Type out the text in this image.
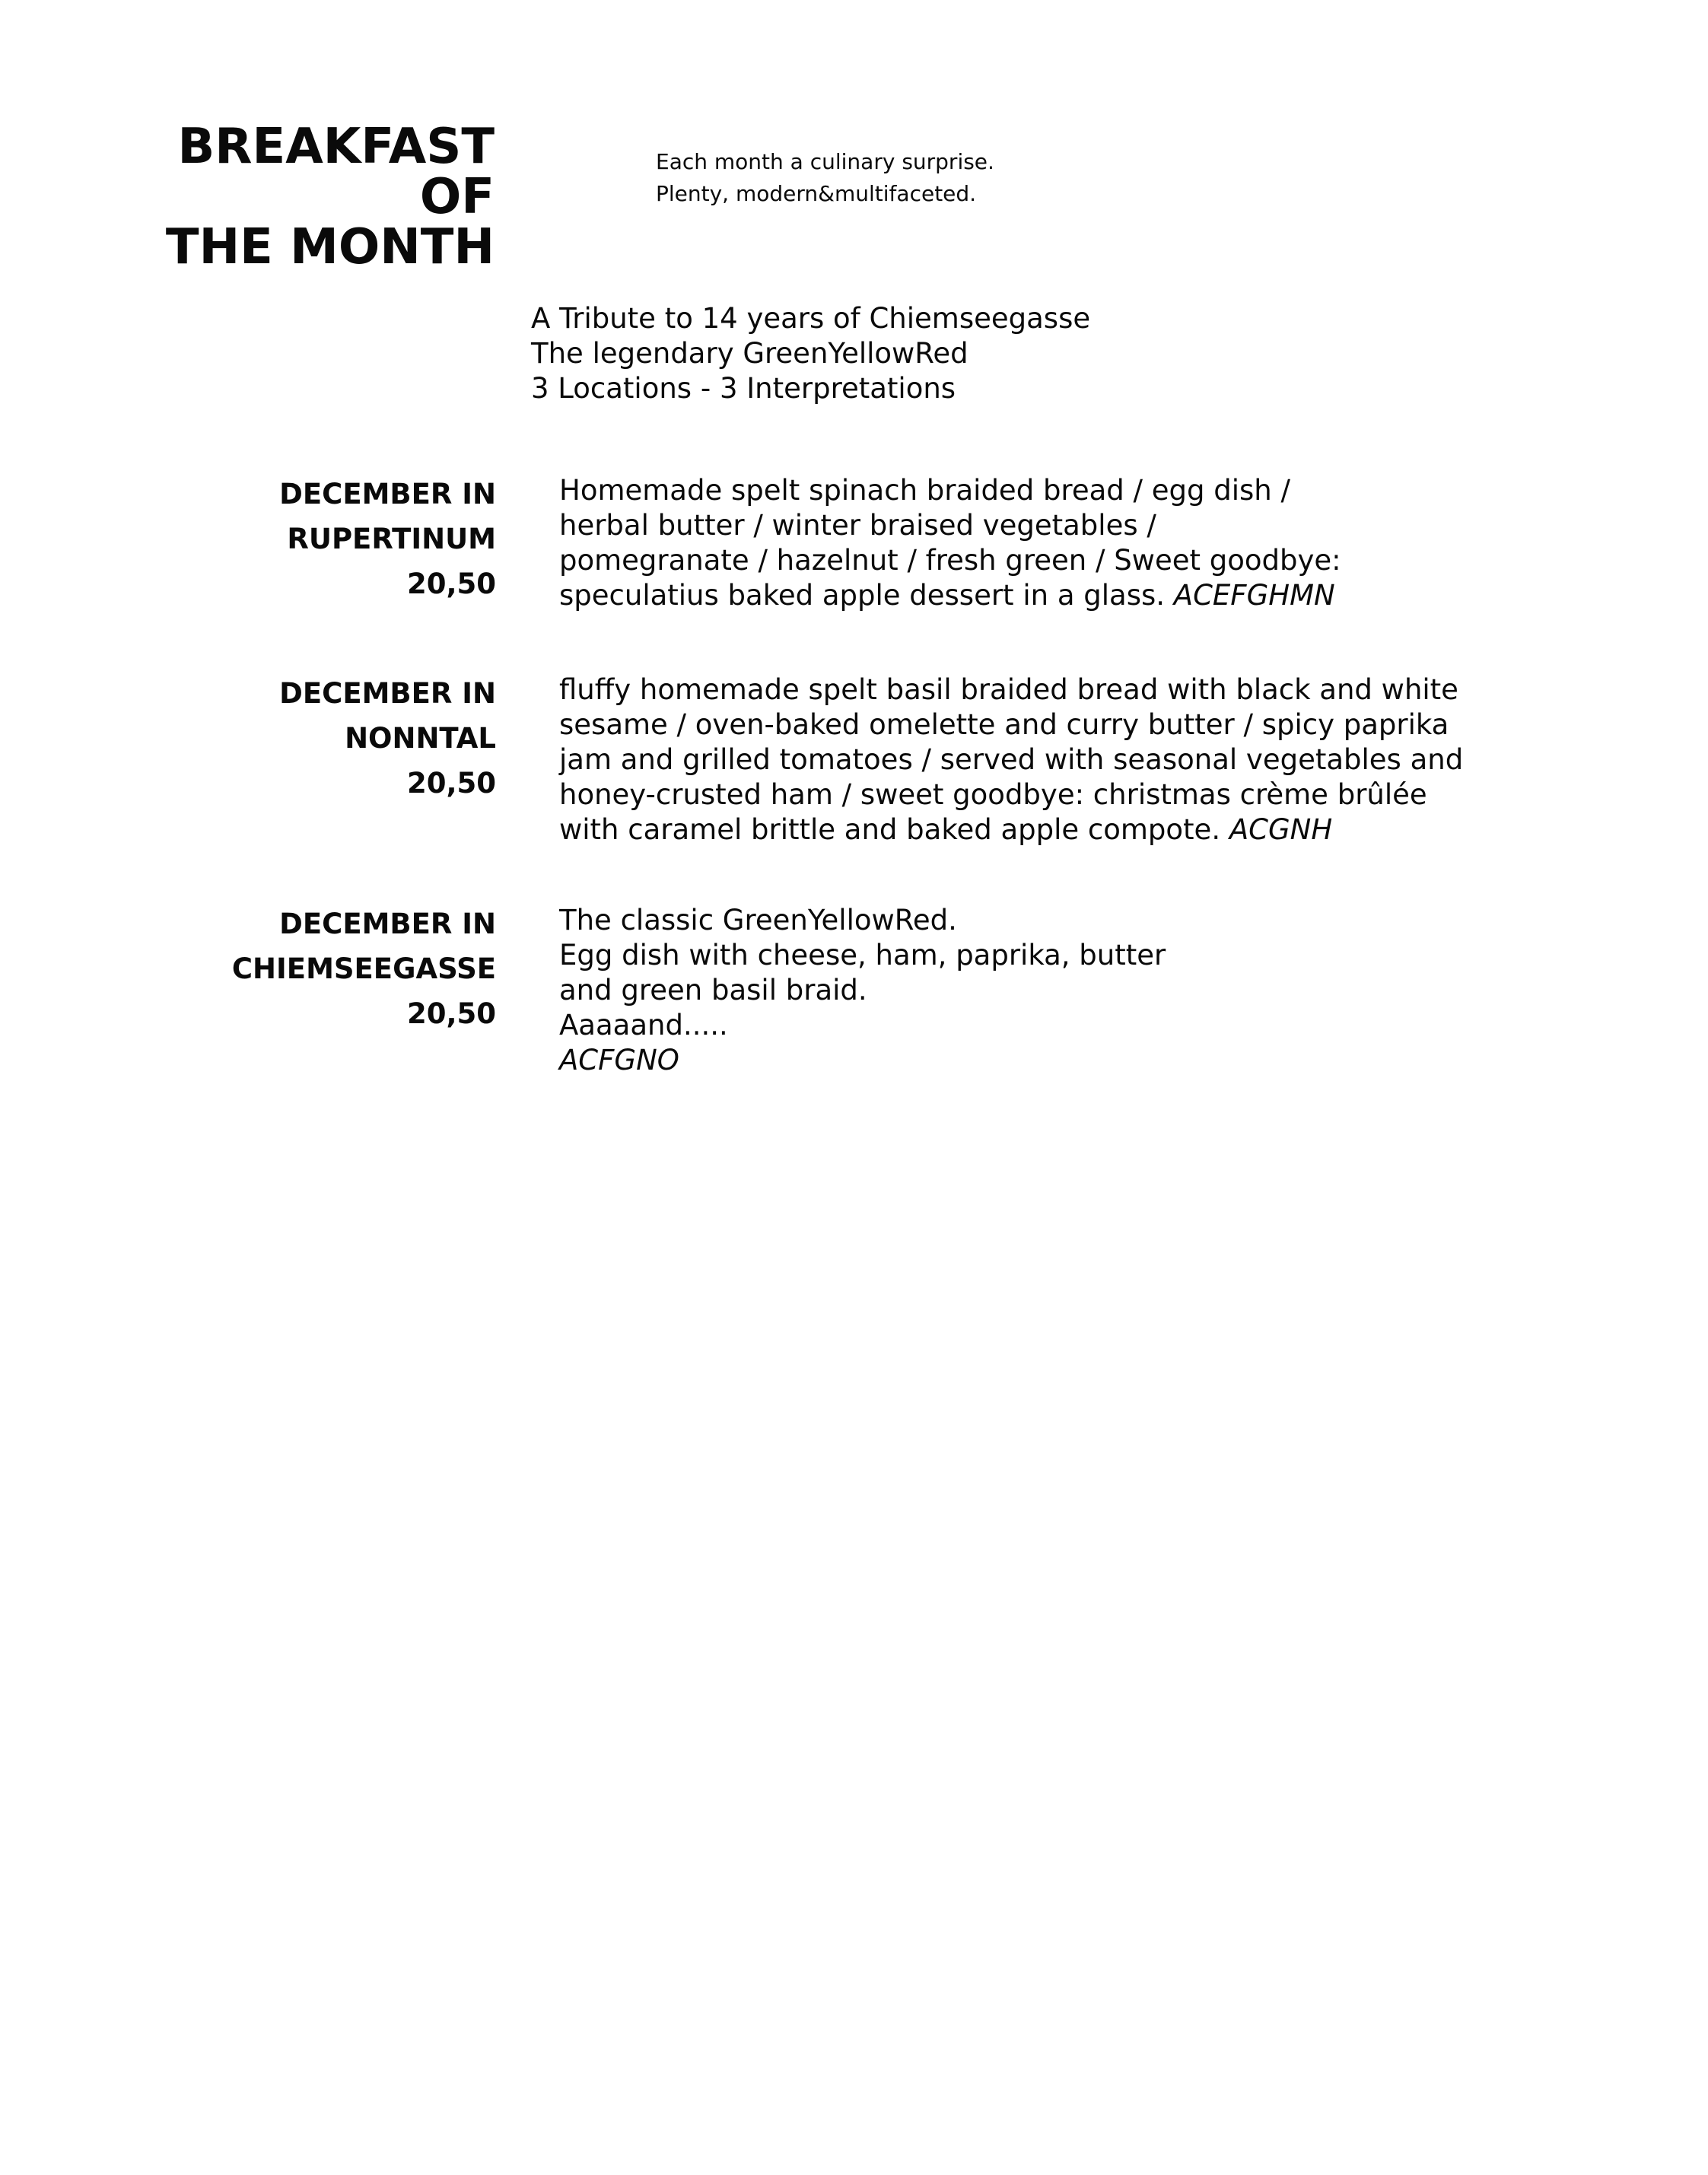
BREAKFAST OF
THE MONTH
Each month a culinary surprise.
Plenty, modern&multifaceted.
A Tribute to 14 years of Chiemseegasse
The legendary GreenYellowRed
3 Locations - 3 Interpretations
DECEMBER IN
RUPERTINUM
20,50
Homemade spelt spinach braided bread / egg dish /
herbal butter / winter braised vegetables /
pomegranate / hazelnut / fresh green / Sweet goodbye:
speculatius baked apple dessert in a glass. ACEFGHMN
DECEMBER IN
NONNTAL
20,50
fluffy homemade spelt basil braided bread with black and white
sesame / oven-baked omelette and curry butter / spicy paprika
jam and grilled tomatoes / served with seasonal vegetables and
honey-crusted ham / sweet goodbye: christmas crème brûlée
with caramel brittle and baked apple compote. ACGNH
DECEMBER IN
CHIEMSEEGASSE
20,50
The classic GreenYellowRed.
Egg dish with cheese, ham, paprika, butter
and green basil braid.
Aaaaand.....
ACFGNO
